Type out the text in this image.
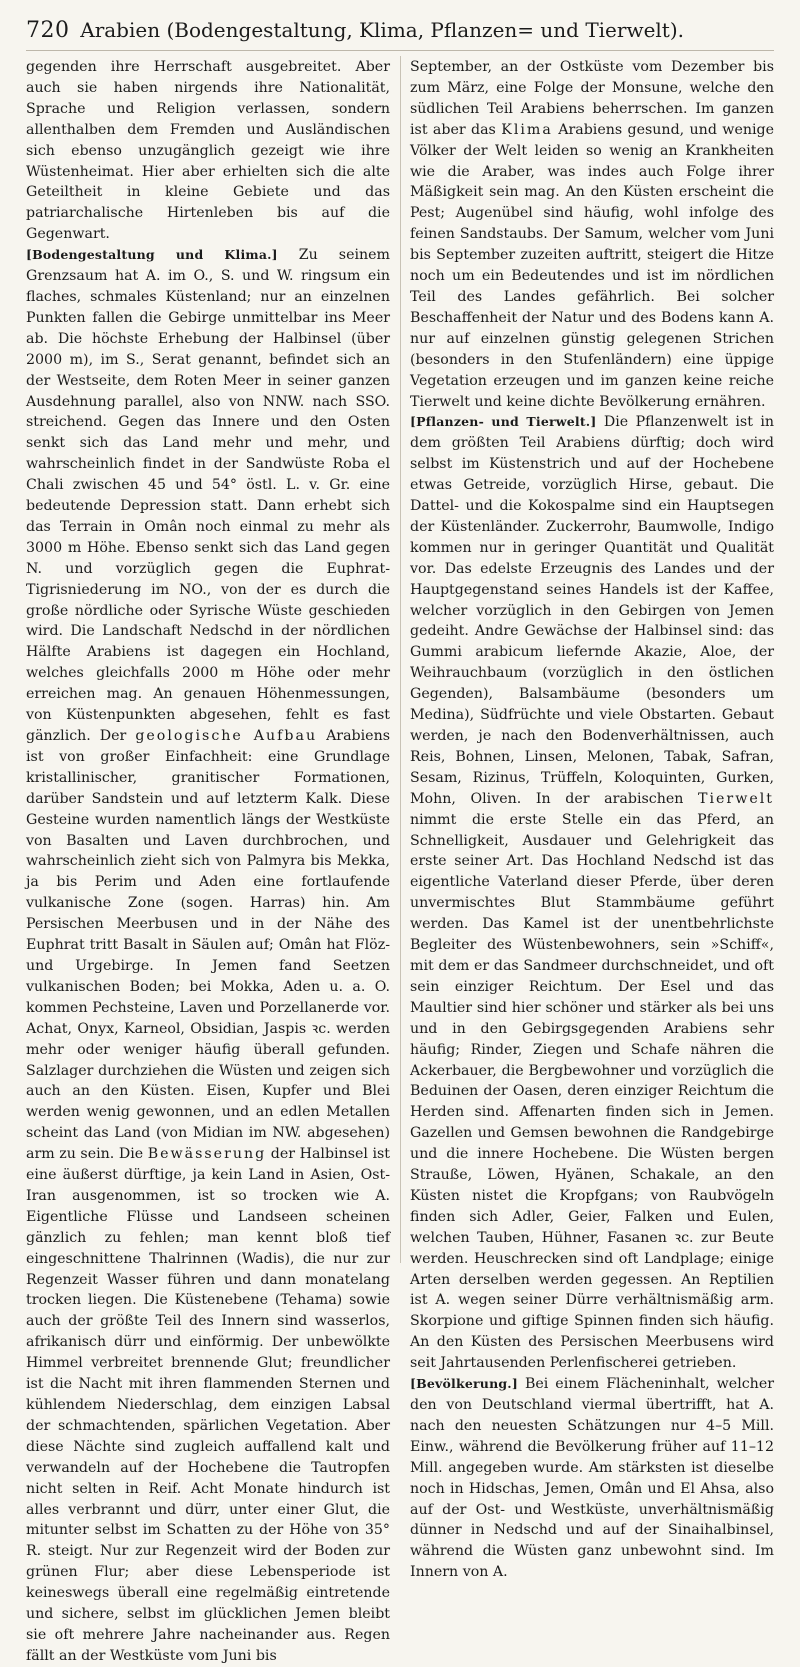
720 Arabien (Bodengestaltung, Klima, Pflanzen= und Tierwelt).

gegenden ihre Herrschaft ausgebreitet. Aber auch sie haben nirgends ihre Nationalität, Sprache und Religion verlassen, sondern allenthalben dem Fremden und Ausländischen sich ebenso unzugänglich gezeigt wie ihre Wüstenheimat. Hier aber erhielten sich die alte Geteiltheit in kleine Gebiete und das patriarchalische Hirtenleben bis auf die Gegenwart.

[Bodengestaltung und Klima.] Zu seinem Grenzsaum hat A. im O., S. und W. ringsum ein flaches, schmales Küstenland; nur an einzelnen Punkten fallen die Gebirge unmittelbar ins Meer ab. Die höchste Erhebung der Halbinsel (über 2000 m), im S., Serat genannt, befindet sich an der Westseite, dem Roten Meer in seiner ganzen Ausdehnung parallel, also von NNW. nach SSO. streichend. Gegen das Innere und den Osten senkt sich das Land mehr und mehr, und wahrscheinlich findet in der Sandwüste Roba el Chali zwischen 45 und 54° östl. L. v. Gr. eine bedeutende Depression statt. Dann erhebt sich das Terrain in Omân noch einmal zu mehr als 3000 m Höhe. Ebenso senkt sich das Land gegen N. und vorzüglich gegen die Euphrat-Tigrisniederung im NO., von der es durch die große nördliche oder Syrische Wüste geschieden wird. Die Landschaft Nedschd in der nördlichen Hälfte Arabiens ist dagegen ein Hochland, welches gleichfalls 2000 m Höhe oder mehr erreichen mag. An genauen Höhenmessungen, von Küstenpunkten abgesehen, fehlt es fast gänzlich. Der geologische Aufbau Arabiens ist von großer Einfachheit: eine Grundlage kristallinischer, granitischer Formationen, darüber Sandstein und auf letzterm Kalk. Diese Gesteine wurden namentlich längs der Westküste von Basalten und Laven durchbrochen, und wahrscheinlich zieht sich von Palmyra bis Mekka, ja bis Perim und Aden eine fortlaufende vulkanische Zone (sogen. Harras) hin. Am Persischen Meerbusen und in der Nähe des Euphrat tritt Basalt in Säulen auf; Omân hat Flöz- und Urgebirge. In Jemen fand Seetzen vulkanischen Boden; bei Mokka, Aden u. a. O. kommen Pechsteine, Laven und Porzellanerde vor. Achat, Onyx, Karneol, Obsidian, Jaspis ꝛc. werden mehr oder weniger häufig überall gefunden. Salzlager durchziehen die Wüsten und zeigen sich auch an den Küsten. Eisen, Kupfer und Blei werden wenig gewonnen, und an edlen Metallen scheint das Land (von Midian im NW. abgesehen) arm zu sein. Die Bewässerung der Halbinsel ist eine äußerst dürftige, ja kein Land in Asien, Ost-Iran ausgenommen, ist so trocken wie A. Eigentliche Flüsse und Landseen scheinen gänzlich zu fehlen; man kennt bloß tief eingeschnittene Thalrinnen (Wadis), die nur zur Regenzeit Wasser führen und dann monatelang trocken liegen. Die Küstenebene (Tehama) sowie auch der größte Teil des Innern sind wasserlos, afrikanisch dürr und einförmig. Der unbewölkte Himmel verbreitet brennende Glut; freundlicher ist die Nacht mit ihren flammenden Sternen und kühlendem Niederschlag, dem einzigen Labsal der schmachtenden, spärlichen Vegetation. Aber diese Nächte sind zugleich auffallend kalt und verwandeln auf der Hochebene die Tautropfen nicht selten in Reif. Acht Monate hindurch ist alles verbrannt und dürr, unter einer Glut, die mitunter selbst im Schatten zu der Höhe von 35° R. steigt. Nur zur Regenzeit wird der Boden zur grünen Flur; aber diese Lebensperiode ist keineswegs überall eine regelmäßig eintretende und sichere, selbst im glücklichen Jemen bleibt sie oft mehrere Jahre nacheinander aus. Regen fällt an der Westküste vom Juni bis

September, an der Ostküste vom Dezember bis zum März, eine Folge der Monsune, welche den südlichen Teil Arabiens beherrschen. Im ganzen ist aber das Klima Arabiens gesund, und wenige Völker der Welt leiden so wenig an Krankheiten wie die Araber, was indes auch Folge ihrer Mäßigkeit sein mag. An den Küsten erscheint die Pest; Augenübel sind häufig, wohl infolge des feinen Sandstaubs. Der Samum, welcher vom Juni bis September zuzeiten auftritt, steigert die Hitze noch um ein Bedeutendes und ist im nördlichen Teil des Landes gefährlich. Bei solcher Beschaffenheit der Natur und des Bodens kann A. nur auf einzelnen günstig gelegenen Strichen (besonders in den Stufenländern) eine üppige Vegetation erzeugen und im ganzen keine reiche Tierwelt und keine dichte Bevölkerung ernähren.

[Pflanzen- und Tierwelt.] Die Pflanzenwelt ist in dem größten Teil Arabiens dürftig; doch wird selbst im Küstenstrich und auf der Hochebene etwas Getreide, vorzüglich Hirse, gebaut. Die Dattel- und die Kokospalme sind ein Hauptsegen der Küstenländer. Zuckerrohr, Baumwolle, Indigo kommen nur in geringer Quantität und Qualität vor. Das edelste Erzeugnis des Landes und der Hauptgegenstand seines Handels ist der Kaffee, welcher vorzüglich in den Gebirgen von Jemen gedeiht. Andre Gewächse der Halbinsel sind: das Gummi arabicum liefernde Akazie, Aloe, der Weihrauchbaum (vorzüglich in den östlichen Gegenden), Balsambäume (besonders um Medina), Südfrüchte und viele Obstarten. Gebaut werden, je nach den Bodenverhältnissen, auch Reis, Bohnen, Linsen, Melonen, Tabak, Safran, Sesam, Rizinus, Trüffeln, Koloquinten, Gurken, Mohn, Oliven. In der arabischen Tierwelt nimmt die erste Stelle ein das Pferd, an Schnelligkeit, Ausdauer und Gelehrigkeit das erste seiner Art. Das Hochland Nedschd ist das eigentliche Vaterland dieser Pferde, über deren unvermischtes Blut Stammbäume geführt werden. Das Kamel ist der unentbehrlichste Begleiter des Wüstenbewohners, sein »Schiff«, mit dem er das Sandmeer durchschneidet, und oft sein einziger Reichtum. Der Esel und das Maultier sind hier schöner und stärker als bei uns und in den Gebirgsgegenden Arabiens sehr häufig; Rinder, Ziegen und Schafe nähren die Ackerbauer, die Bergbewohner und vorzüglich die Beduinen der Oasen, deren einziger Reichtum die Herden sind. Affenarten finden sich in Jemen. Gazellen und Gemsen bewohnen die Randgebirge und die innere Hochebene. Die Wüsten bergen Strauße, Löwen, Hyänen, Schakale, an den Küsten nistet die Kropfgans; von Raubvögeln finden sich Adler, Geier, Falken und Eulen, welchen Tauben, Hühner, Fasanen ꝛc. zur Beute werden. Heuschrecken sind oft Landplage; einige Arten derselben werden gegessen. An Reptilien ist A. wegen seiner Dürre verhältnismäßig arm. Skorpione und giftige Spinnen finden sich häufig. An den Küsten des Persischen Meerbusens wird seit Jahrtausenden Perlenfischerei getrieben.

[Bevölkerung.] Bei einem Flächeninhalt, welcher den von Deutschland viermal übertrifft, hat A. nach den neuesten Schätzungen nur 4–5 Mill. Einw., während die Bevölkerung früher auf 11–12 Mill. angegeben wurde. Am stärksten ist dieselbe noch in Hidschas, Jemen, Omân und El Ahsa, also auf der Ost- und Westküste, unverhältnismäßig dünner in Nedschd und auf der Sinaihalbinsel, während die Wüsten ganz unbewohnt sind. Im Innern von A.
